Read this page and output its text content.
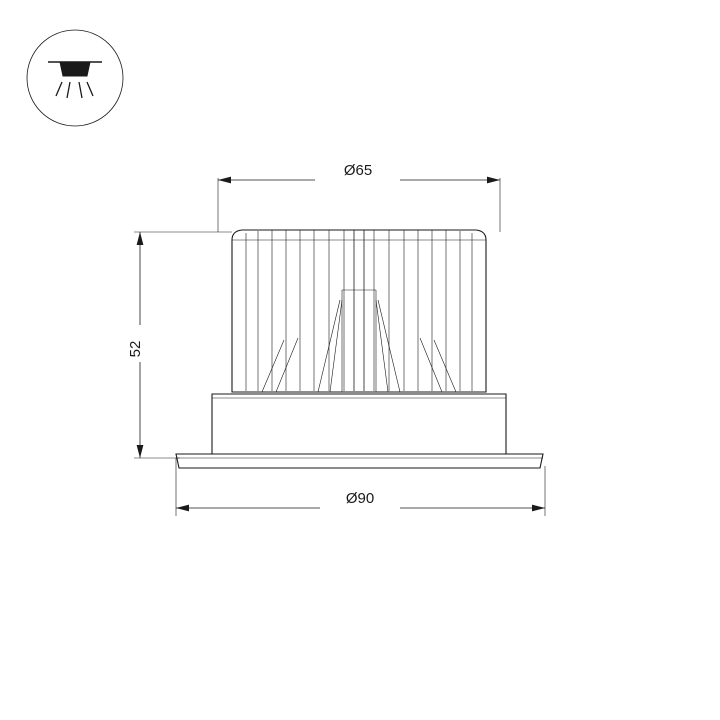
Ø65
52
Ø90
